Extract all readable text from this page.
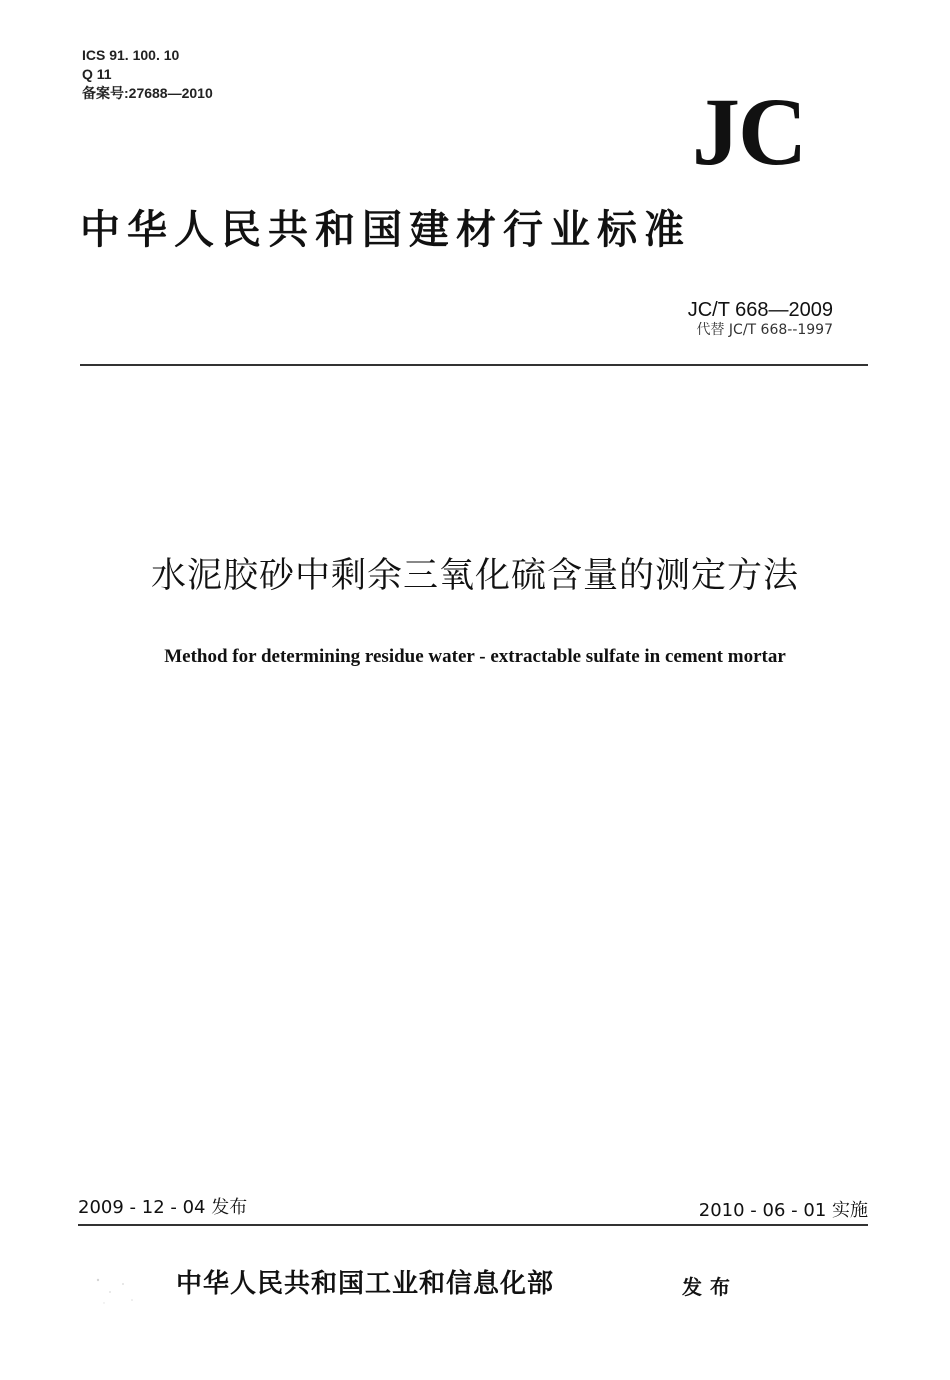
ICS 91. 100. 10
Q 11
备案号:27688—2010	JC
中华人民共和国建材行业标准
JC/T 668—2009
代替 JC/T 668--1997
水泥胶砂中剩余三氧化硫含量的测定方法
Method for determining residue water - extractable sulfate in cement mortar
2009 - 12 - 04 发布	2010 - 06 - 01 实施
中华人民共和国工业和信息化部	发布
